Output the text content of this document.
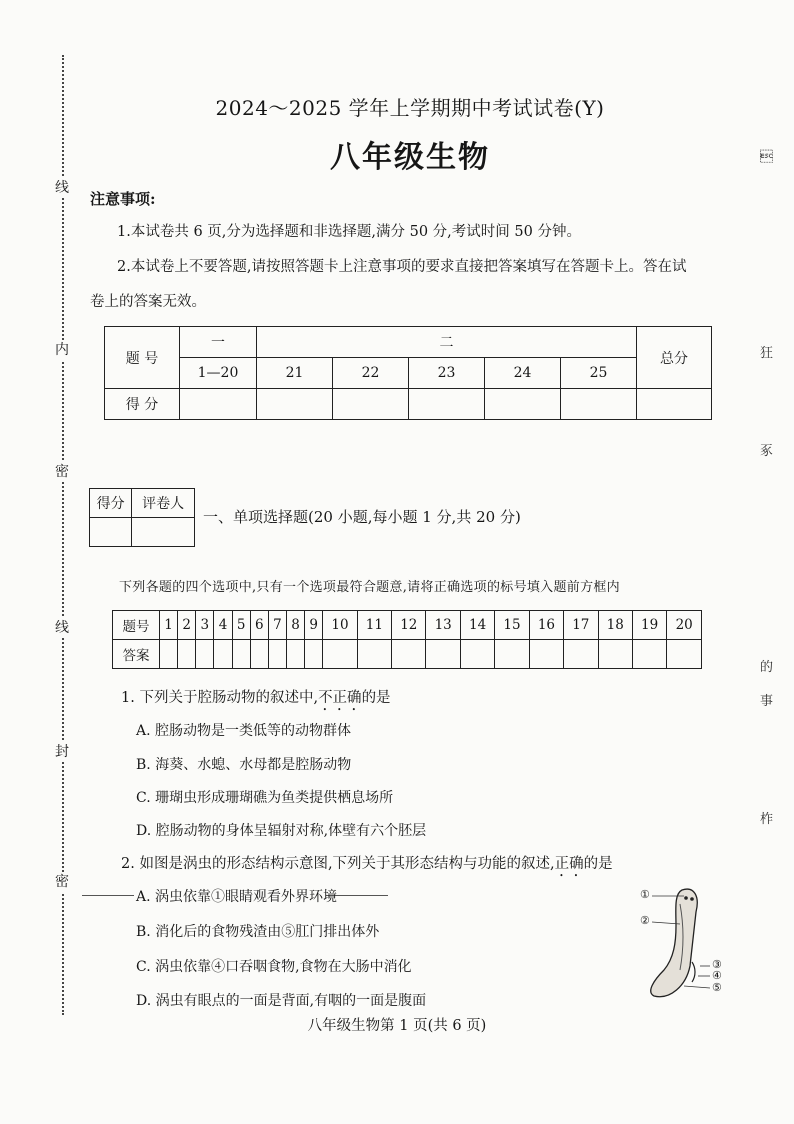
线
内
密
线
封
密

狂
豖
的
事
柞
2024～2025 学年上学期期中考试试卷(Y)
八年级生物
注意事项:
1.本试卷共 6 页,分为选择题和非选择题,满分 50 分,考试时间 50 分钟。
2.本试卷上不要答题,请按照答题卡上注意事项的要求直接把答案填写在答题卡上。答在试
卷上的答案无效。
题 号	一	二					总分
	1—20	21	22	23	24	25	
得 分							
得分	评卷人

一、单项选择题(20 小题,每小题 1 分,共 20 分)
下列各题的四个选项中,只有一个选项最符合题意,请将正确选项的标号填入题前方框内
题号	1	2	3	4	5	6	7	8	9	10	11	12	13	14	15	16	17	18	19	20
答案																				
1. 下列关于腔肠动物的叙述中,不正确的是
A. 腔肠动物是一类低等的动物群体
B. 海葵、水螅、水母都是腔肠动物
C. 珊瑚虫形成珊瑚礁为鱼类提供栖息场所
D. 腔肠动物的身体呈辐射对称,体壁有六个胚层
2. 如图是涡虫的形态结构示意图,下列关于其形态结构与功能的叙述,正确的是
A. 涡虫依靠①眼睛观看外界环境
B. 消化后的食物残渣由⑤肛门排出体外
C. 涡虫依靠④口吞咽食物,食物在大肠中消化
D. 涡虫有眼点的一面是背面,有咽的一面是腹面
①
②
③
④
⑤
八年级生物第 1 页(共 6 页)
